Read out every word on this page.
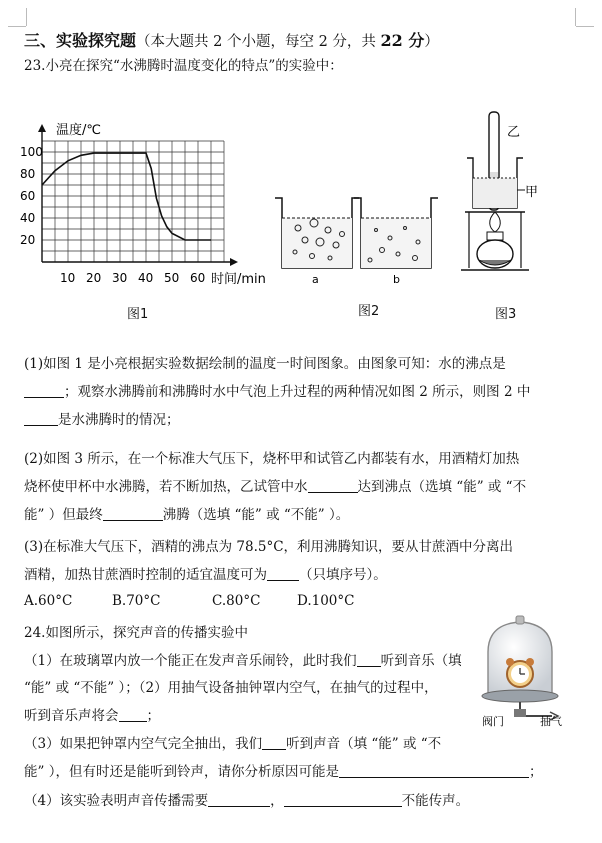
三、实验探究题（本大题共 2 个小题，每空 2 分，共 22 分）
23.小亮在探究“水沸腾时温度变化的特点”的实验中：
20
40
60
80
100
10 20 30 40 50 60
温度/℃
时间/min
图1
a	b
图2
乙
甲
图3
(1)如图 1 是小亮根据实验数据绘制的温度一时间图象。由图象可知：水的沸点是
；观察水沸腾前和沸腾时水中气泡上升过程的两种情况如图 2 所示，则图 2 中
是水沸腾时的情况；
(2)如图 3 所示，在一个标准大气压下，烧杯甲和试管乙内都装有水，用酒精灯加热
烧杯使甲杯中水沸腾，若不断加热，乙试管中水	达到沸点（选填 “能” 或 “不
能” ）但最终	沸腾（选填 “能” 或 “不能” ）。
(3)在标准大气压下，酒精的沸点为 78.5°C，利用沸腾知识，要从甘蔗酒中分离出
酒精，加热甘蔗酒时控制的适宜温度可为 （只填序号）。
A.60°C	B.70°C	C.80°C	D.100°C
24.如图所示，探究声音的传播实验中
（1）在玻璃罩内放一个能正在发声音乐闹铃，此时我们 听到音乐（填
“能” 或 “不能” ）；（2）用抽气设备抽钟罩内空气，在抽气的过程中，
听到音乐声将会 ；
（3）如果把钟罩内空气完全抽出，我们 听到声音（填 “能” 或 “不
能” ），但有时还是能听到铃声，请你分析原因可能是	；
（4）该实验表明声音传播需要	，	不能传声。
阀门	抽气
